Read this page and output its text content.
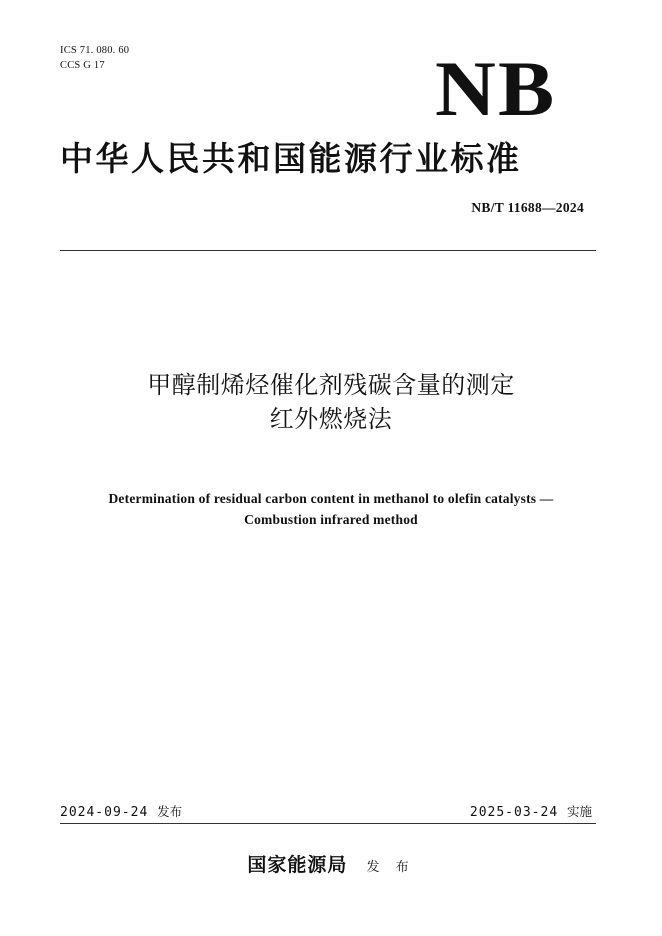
ICS 71. 080. 60
CCS G 17	NB
中华人民共和国能源行业标准
NB/T 11688—2024
甲醇制烯烃催化剂残碳含量的测定
红外燃烧法
Determination of residual carbon content in methanol to olefin catalysts —
Combustion infrared method
2024-09-24 发布	2025-03-24 实施
国家能源局 发 布
